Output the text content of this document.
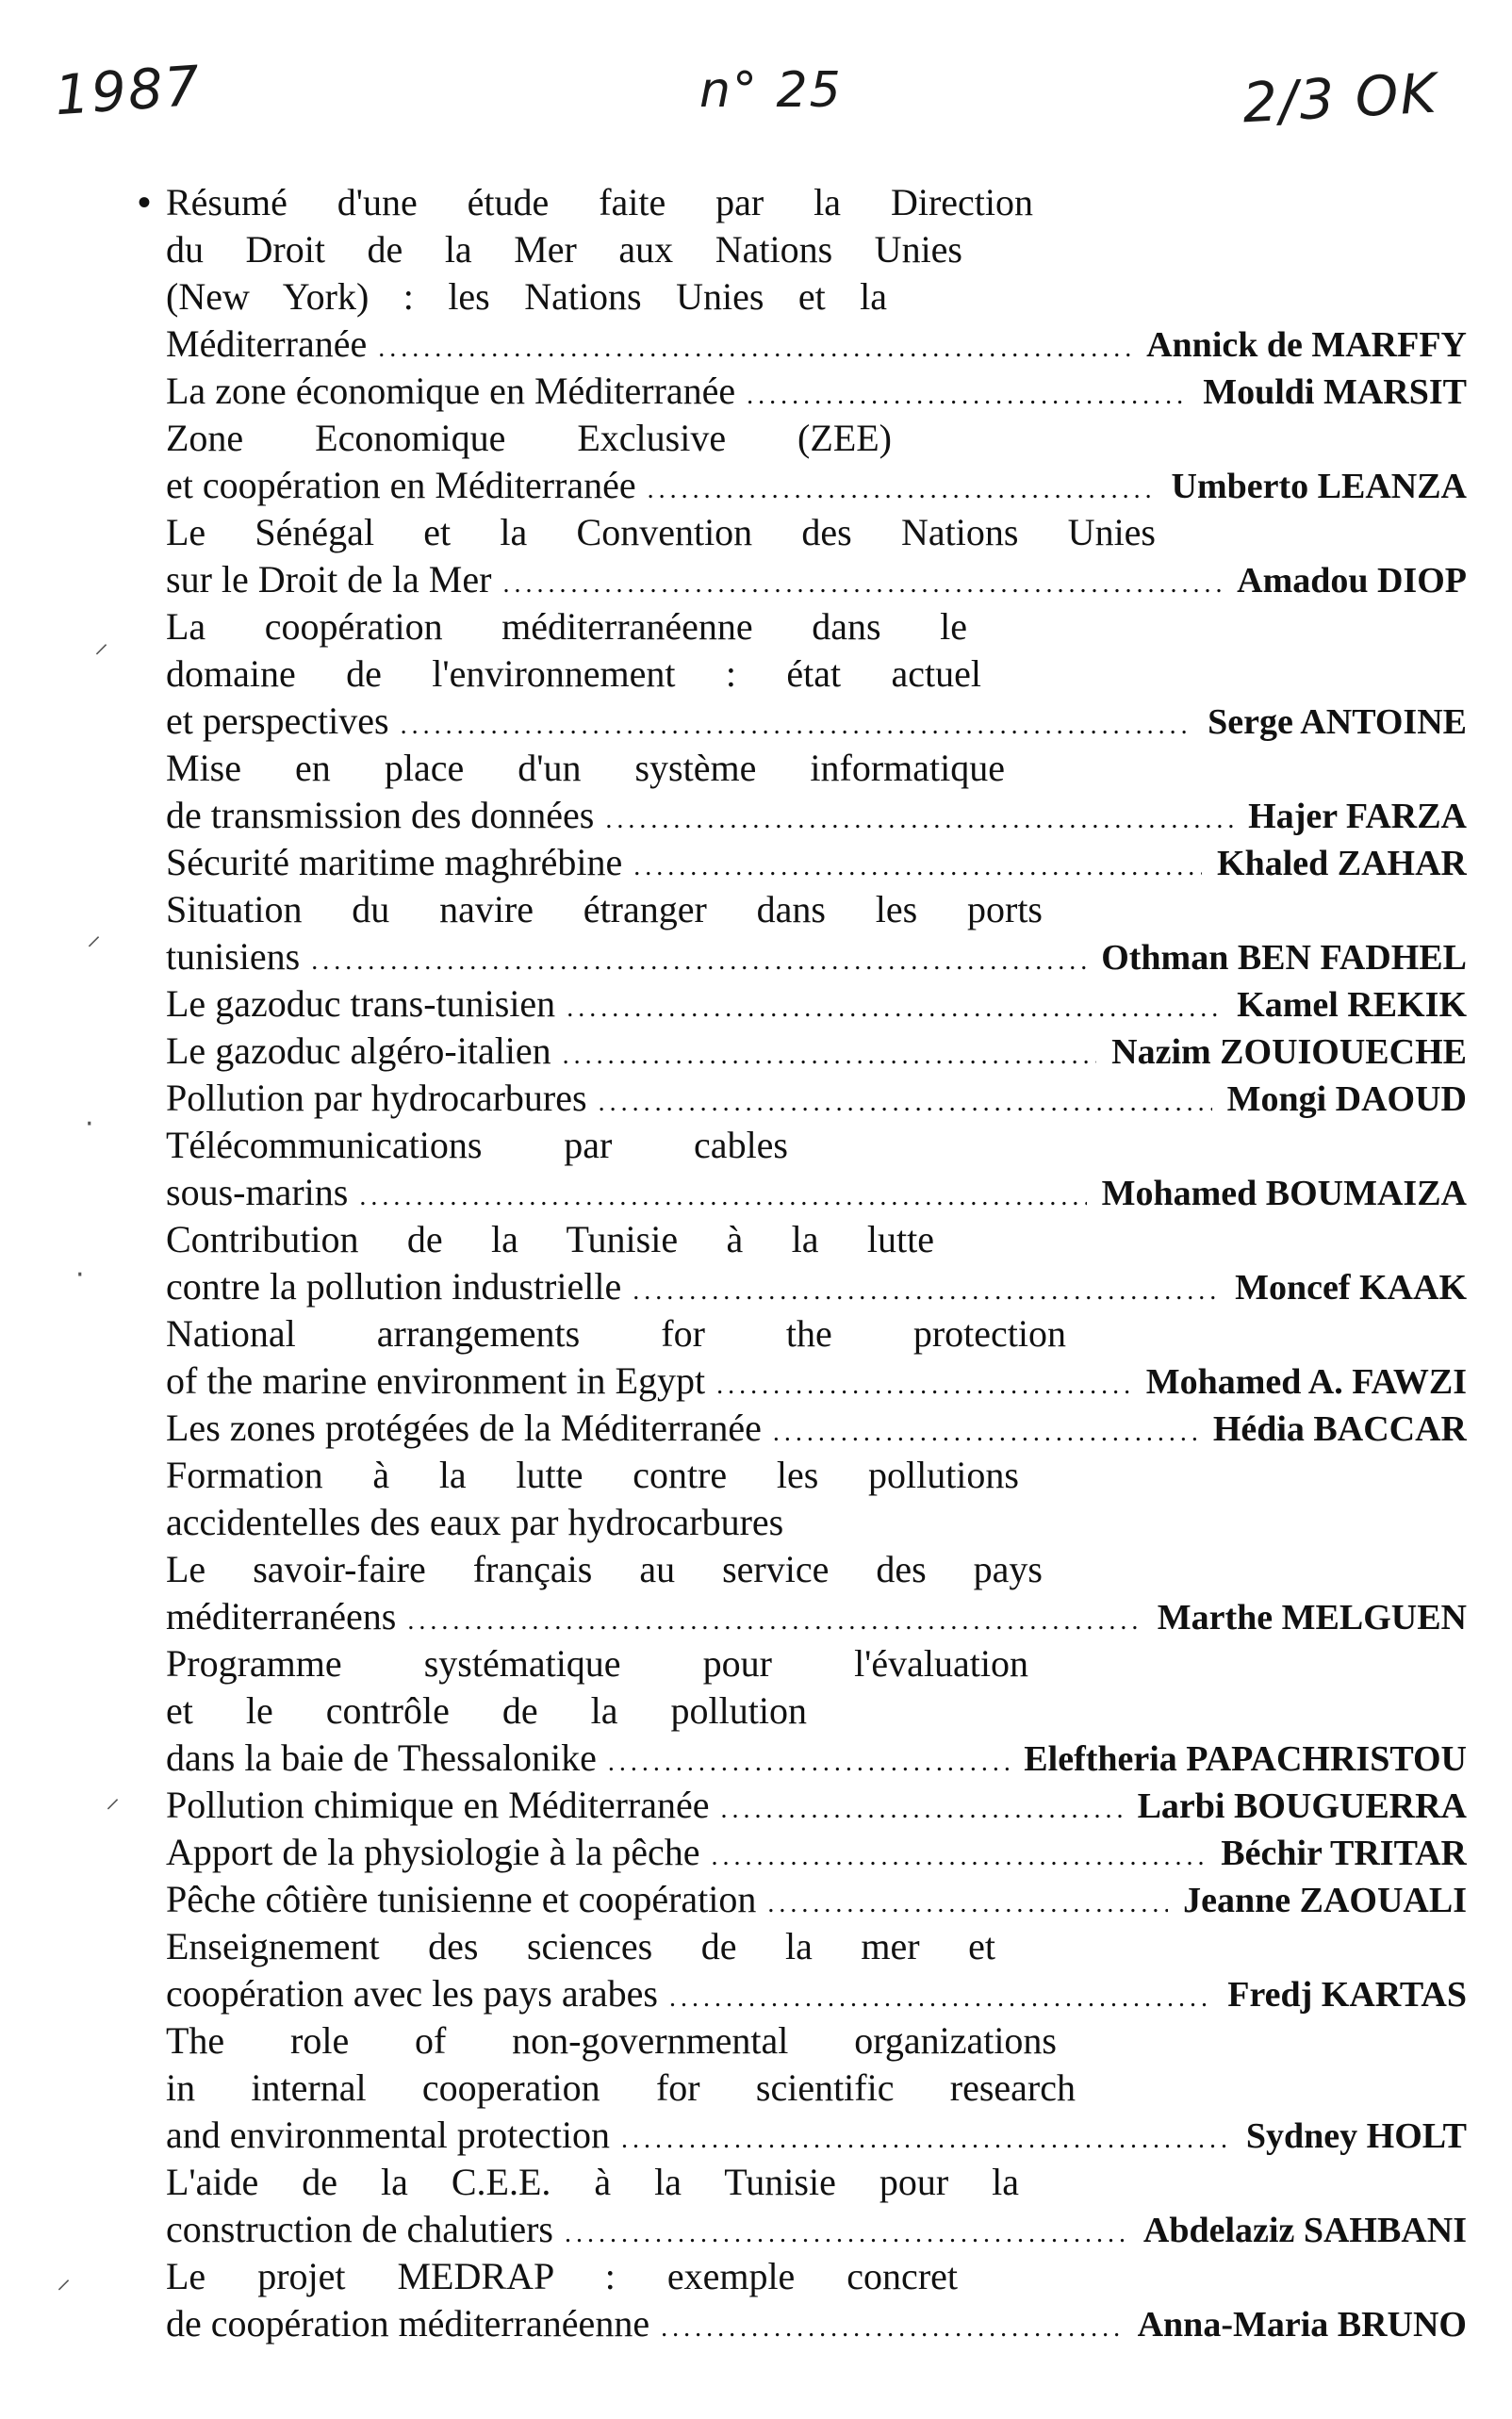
1987	n° 25	2/3 OK
⸝
⸝
·
·
⸝
⸝
• Résumé d'une étude faite par la Direction
du Droit de la Mer aux Nations Unies
(New York) : les Nations Unies et la
Méditerranée .....	Annick de MARFFY
La zone économique en Méditerranée .....	Mouldi MARSIT
Zone Economique Exclusive (ZEE)
et coopération en Méditerranée .....	Umberto LEANZA
Le Sénégal et la Convention des Nations Unies
sur le Droit de la Mer .....	Amadou DIOP
La coopération méditerranéenne dans le
domaine de l'environnement : état actuel
et perspectives .....	Serge ANTOINE
Mise en place d'un système informatique
de transmission des données .....	Hajer FARZA
Sécurité maritime maghrébine .....	Khaled ZAHAR
Situation du navire étranger dans les ports
tunisiens .....	Othman BEN FADHEL
Le gazoduc trans-tunisien .....	Kamel REKIK
Le gazoduc algéro-italien .....	Nazim ZOUIOUECHE
Pollution par hydrocarbures .....	Mongi DAOUD
Télécommunications par cables
sous-marins .....	Mohamed BOUMAIZA
Contribution de la Tunisie à la lutte
contre la pollution industrielle .....	Moncef KAAK
National arrangements for the protection
of the marine environment in Egypt .....	Mohamed A. FAWZI
Les zones protégées de la Méditerranée .....	Hédia BACCAR
Formation à la lutte contre les pollutions
accidentelles des eaux par hydrocarbures
Le savoir-faire français au service des pays
méditerranéens .....	Marthe MELGUEN
Programme systématique pour l'évaluation
et le contrôle de la pollution
dans la baie de Thessalonike .....	Eleftheria PAPACHRISTOU
Pollution chimique en Méditerranée .....	Larbi BOUGUERRA
Apport de la physiologie à la pêche .....	Béchir TRITAR
Pêche côtière tunisienne et coopération .....	Jeanne ZAOUALI
Enseignement des sciences de la mer et
coopération avec les pays arabes .....	Fredj KARTAS
The role of non-governmental organizations
in internal cooperation for scientific research
and environmental protection .....	Sydney HOLT
L'aide de la C.E.E. à la Tunisie pour la
construction de chalutiers .....	Abdelaziz SAHBANI
Le projet MEDRAP : exemple concret
de coopération méditerranéenne .....	Anna-Maria BRUNO
